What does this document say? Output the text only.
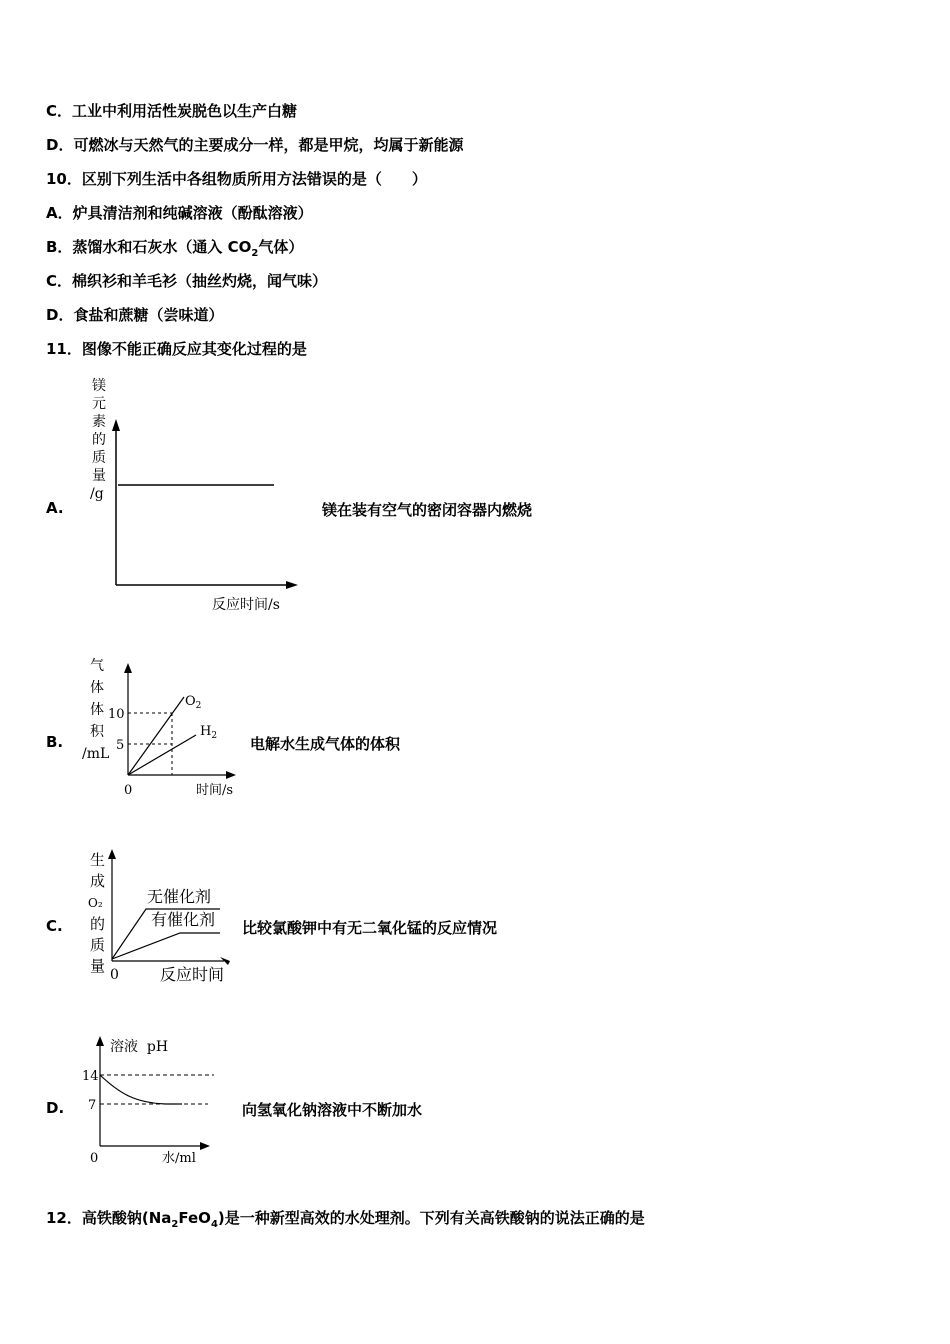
C．工业中利用活性炭脱色以生产白糖
D．可燃冰与天然气的主要成分一样，都是甲烷，均属于新能源
10．区别下列生活中各组物质所用方法错误的是（　　）
A．炉具清洁剂和纯碱溶液（酚酞溶液）
B．蒸馏水和石灰水（通入 $CO_2$气体）
C．棉织衫和羊毛衫（抽丝灼烧，闻气味）
D．食盐和蔗糖（尝味道）
11．图像不能正确反应其变化过程的是
A.
镁 元 素 的 质 量 /g
反应时间/s
镁在装有空气的密闭容器内燃烧
B.
气 体 体 积 /mL
10
5
0
$O_2$
$H_2$
时间/s
电解水生成气体的体积
C.
生 成 O₂ 的 质 量
无催化剂
有催化剂
0	反应时间
比较氯酸钾中有无二氧化锰的反应情况
D.
溶液  pH
14
7
0	水/ml
向氢氧化钠溶液中不断加水
12．高铁酸钠$(Na_2FeO_4)$是一种新型高效的水处理剂。下列有关高铁酸钠的说法正确的是
